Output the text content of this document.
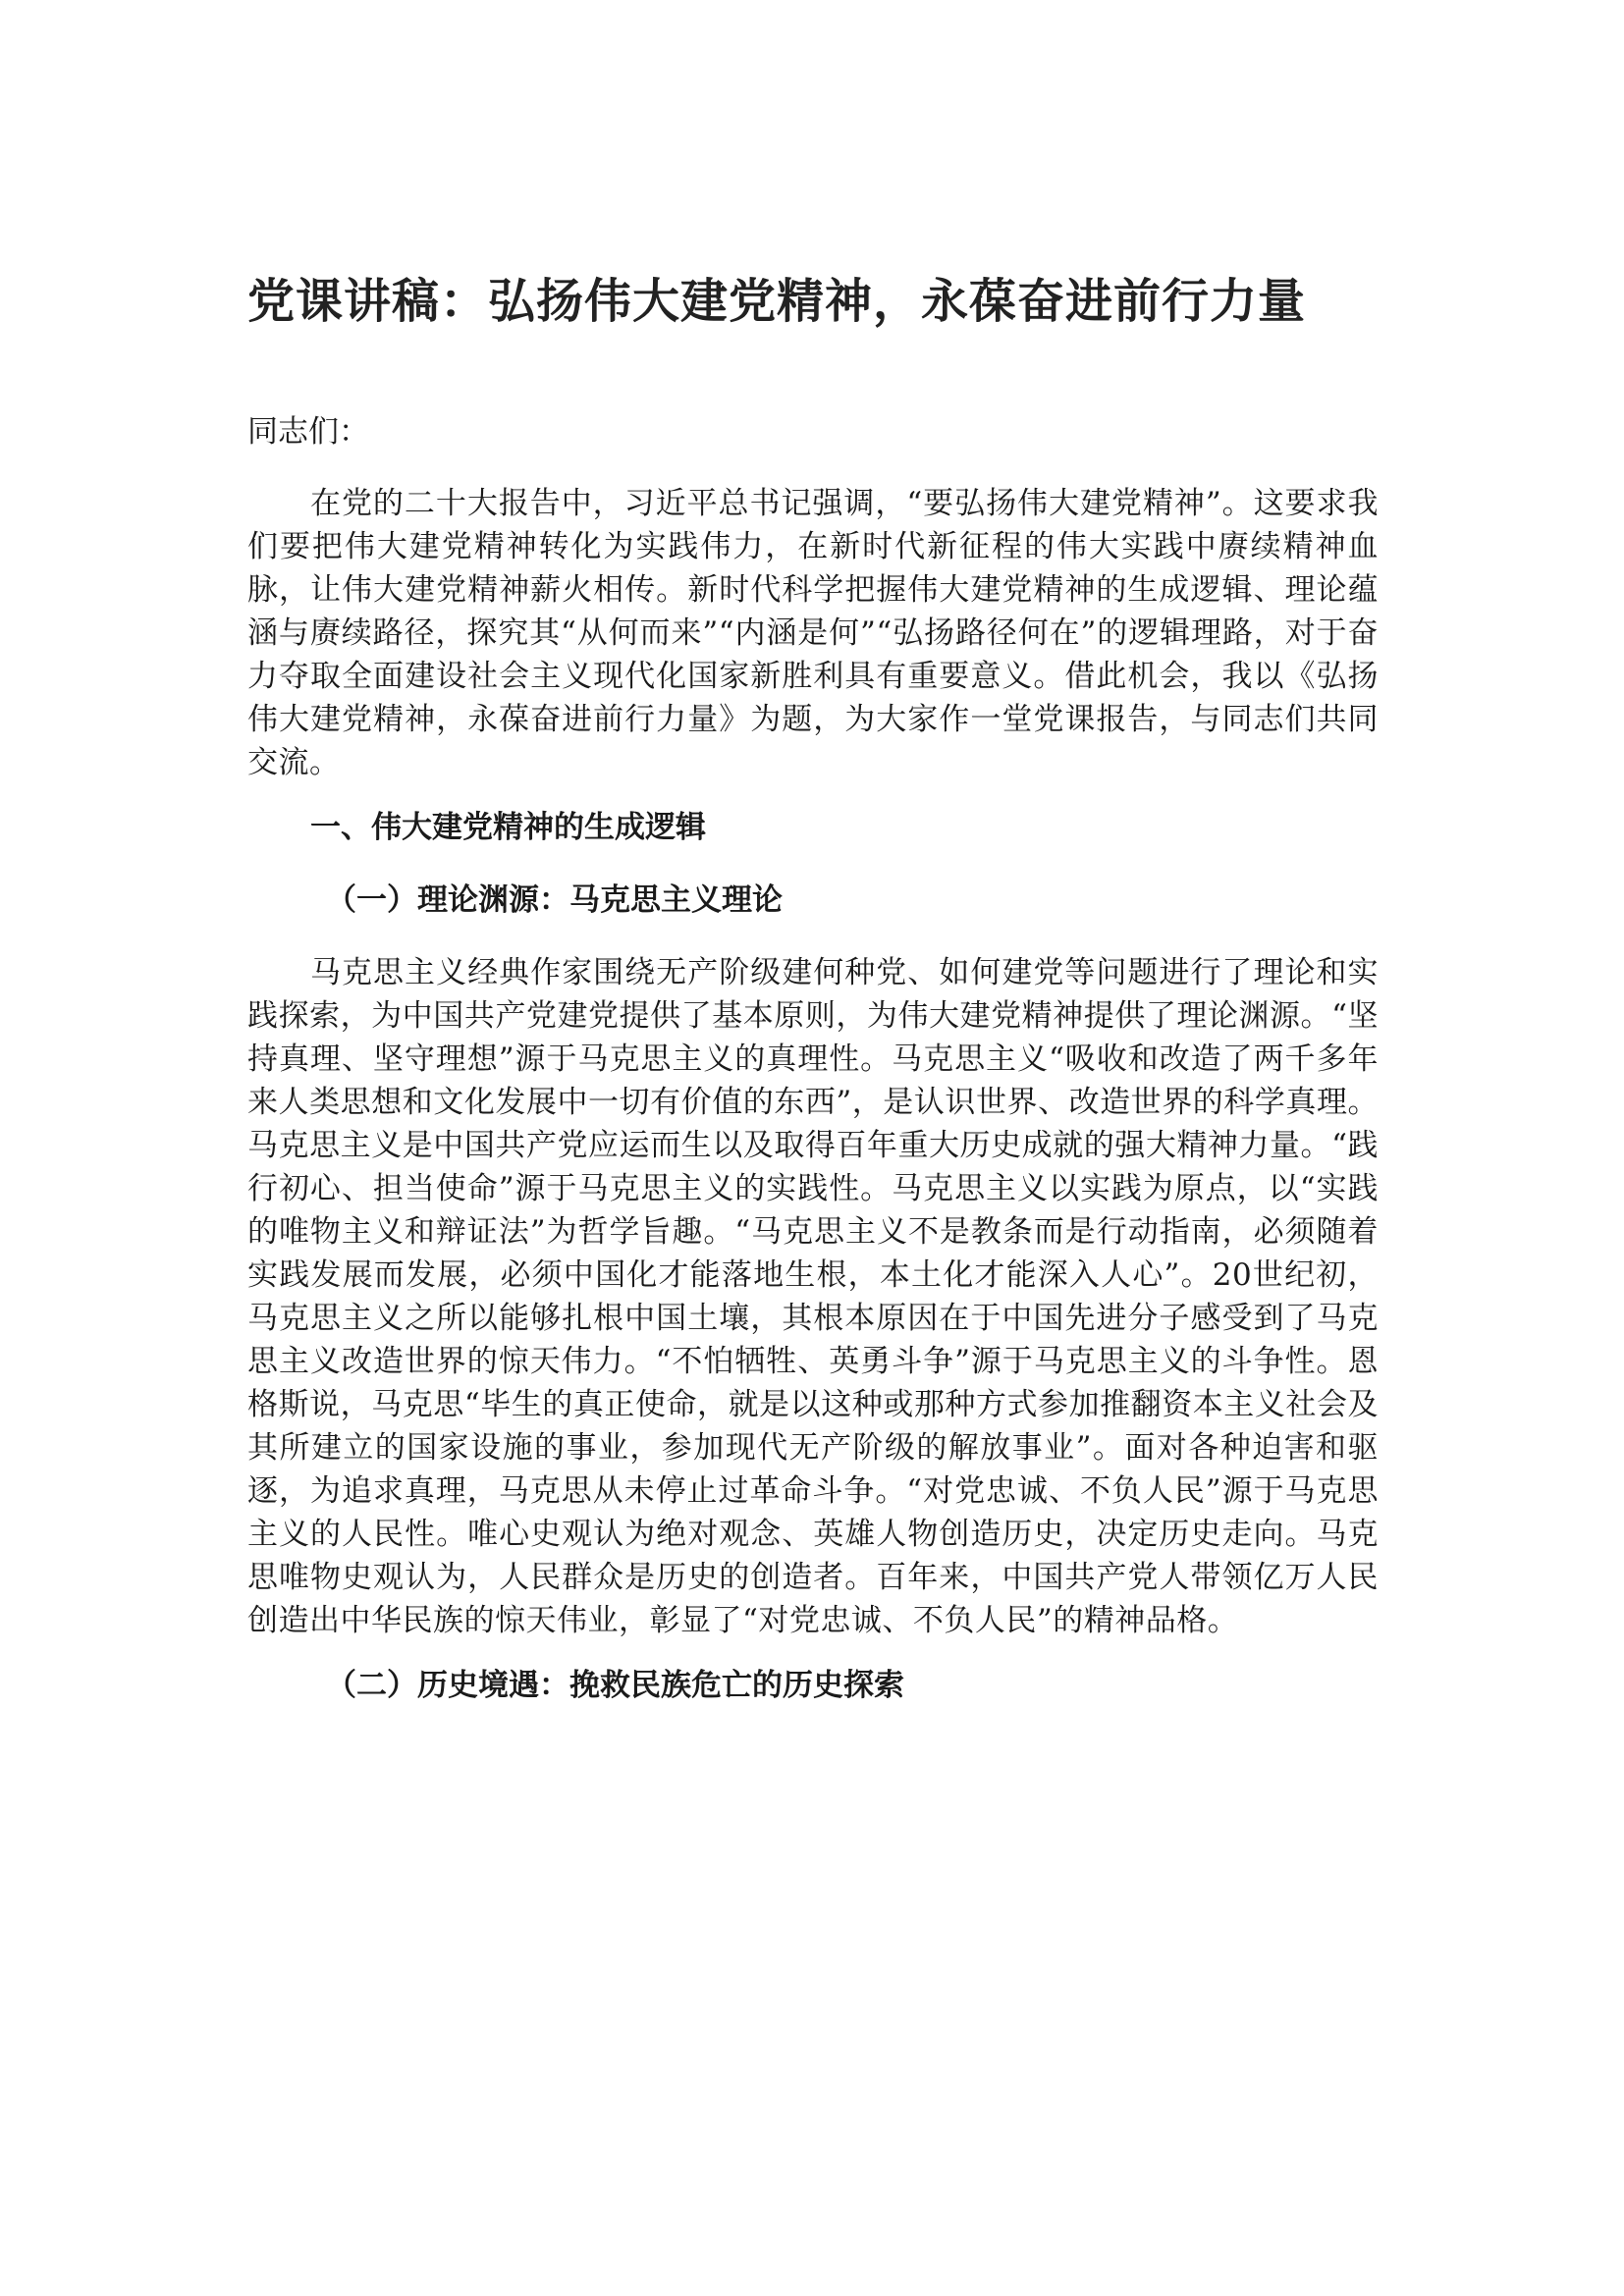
党课讲稿：弘扬伟大建党精神，永葆奋进前行力量

同志们：

在党的二十大报告中，习近平总书记强调，“要弘扬伟大建党精神”。这要求我们要把伟大建党精神转化为实践伟力，在新时代新征程的伟大实践中赓续精神血脉，让伟大建党精神薪火相传。新时代科学把握伟大建党精神的生成逻辑、理论蕴涵与赓续路径，探究其“从何而来”“内涵是何”“弘扬路径何在”的逻辑理路，对于奋力夺取全面建设社会主义现代化国家新胜利具有重要意义。借此机会，我以《弘扬伟大建党精神，永葆奋进前行力量》为题，为大家作一堂党课报告，与同志们共同交流。

一、伟大建党精神的生成逻辑

（一）理论渊源：马克思主义理论

马克思主义经典作家围绕无产阶级建何种党、如何建党等问题进行了理论和实践探索，为中国共产党建党提供了基本原则，为伟大建党精神提供了理论渊源。“坚持真理、坚守理想”源于马克思主义的真理性。马克思主义“吸收和改造了两千多年来人类思想和文化发展中一切有价值的东西”，是认识世界、改造世界的科学真理。马克思主义是中国共产党应运而生以及取得百年重大历史成就的强大精神力量。“践行初心、担当使命”源于马克思主义的实践性。马克思主义以实践为原点，以“实践的唯物主义和辩证法”为哲学旨趣。“马克思主义不是教条而是行动指南，必须随着实践发展而发展，必须中国化才能落地生根，本土化才能深入人心”。20世纪初，马克思主义之所以能够扎根中国土壤，其根本原因在于中国先进分子感受到了马克思主义改造世界的惊天伟力。“不怕牺牲、英勇斗争”源于马克思主义的斗争性。恩格斯说，马克思“毕生的真正使命，就是以这种或那种方式参加推翻资本主义社会及其所建立的国家设施的事业，参加现代无产阶级的解放事业”。面对各种迫害和驱逐，为追求真理，马克思从未停止过革命斗争。“对党忠诚、不负人民”源于马克思主义的人民性。唯心史观认为绝对观念、英雄人物创造历史，决定历史走向。马克思唯物史观认为，人民群众是历史的创造者。百年来，中国共产党人带领亿万人民创造出中华民族的惊天伟业，彰显了“对党忠诚、不负人民”的精神品格。

（二）历史境遇：挽救民族危亡的历史探索
